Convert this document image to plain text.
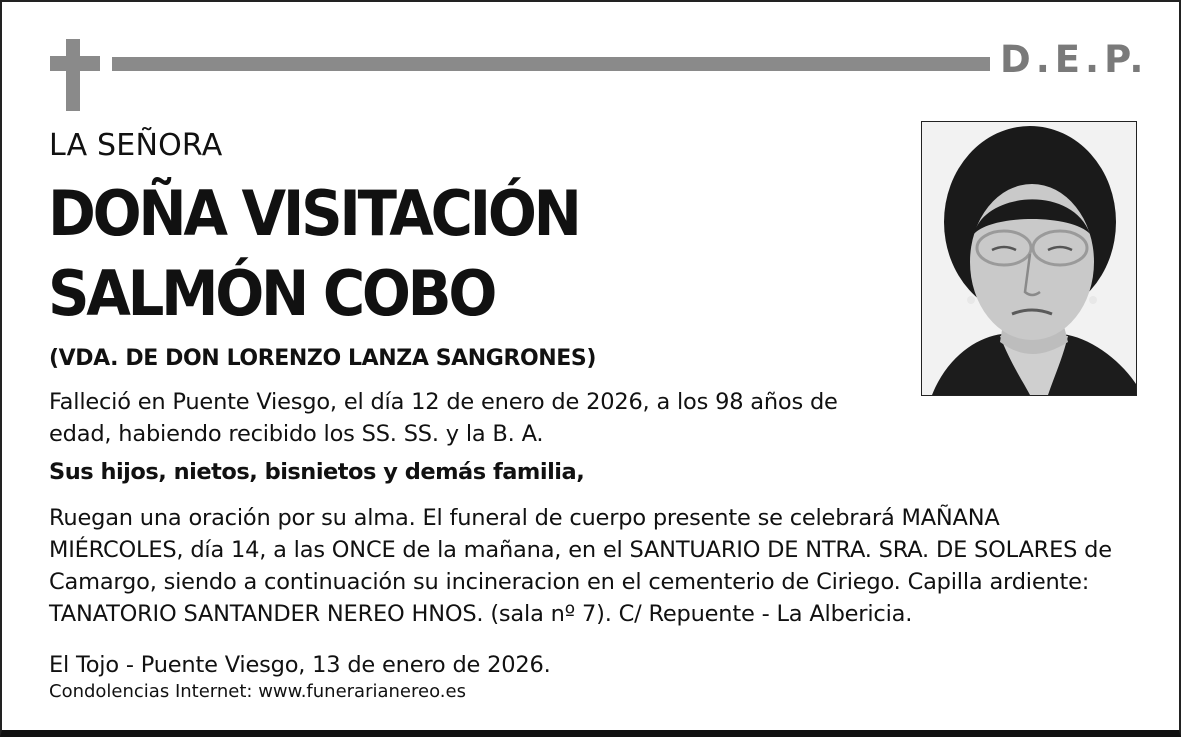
D.E.P.
LA SEÑORA
DOÑA VISITACIÓN
SALMÓN COBO
(VDA. DE DON LORENZO LANZA SANGRONES)
Falleció en Puente Viesgo, el día 12 de enero de 2026, a los 98 años de edad, habiendo recibido los SS. SS. y la B. A.
Sus hijos, nietos, bisnietos y demás familia,
Ruegan una oración por su alma. El funeral de cuerpo presente se celebrará MAÑANA MIÉRCOLES, día 14, a las ONCE de la mañana, en el SANTUARIO DE NTRA. SRA. DE SOLARES de Camargo, siendo a continuación su incineracion en el cementerio de Ciriego. Capilla ardiente: TANATORIO SANTANDER NEREO HNOS. (sala nº 7). C/ Repuente - La Albericia.
El Tojo - Puente Viesgo, 13 de enero de 2026.
Condolencias Internet: www.funerarianereo.es
